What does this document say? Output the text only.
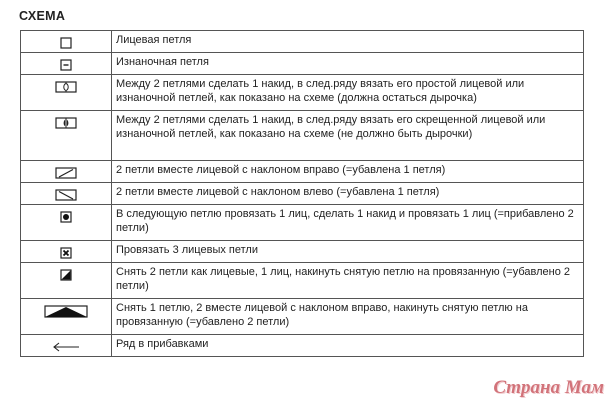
СХЕМА
	Лицевая петля

	Изнаночная петля

	Между 2 петлями сделать 1 накид, в след.ряду вязать его простой лицевой или изнаночной петлей, как показано на схеме (должна остаться дырочка)

	Между 2 петлями сделать 1 накид, в след.ряду вязать его скрещенной лицевой или изнаночной петлей, как показано на схеме (не должно быть дырочки)

	2 петли вместе лицевой с наклоном вправо (=убавлена 1 петля)

	2 петли вместе лицевой с наклоном влево (=убавлена 1 петля)

	В следующую петлю провязать 1 лиц, сделать 1 накид и провязать 1 лиц (=прибавлено 2 петли)

	Провязать 3 лицевых петли

	Снять 2 петли как лицевые, 1 лиц, накинуть снятую петлю на провязанную (=убавлено 2 петли)

	Снять 1 петлю, 2 вместе лицевой с наклоном вправо, накинуть снятую петлю на провязанную (=убавлено 2 петли)

	Ряд в прибавками
Страна Мам
